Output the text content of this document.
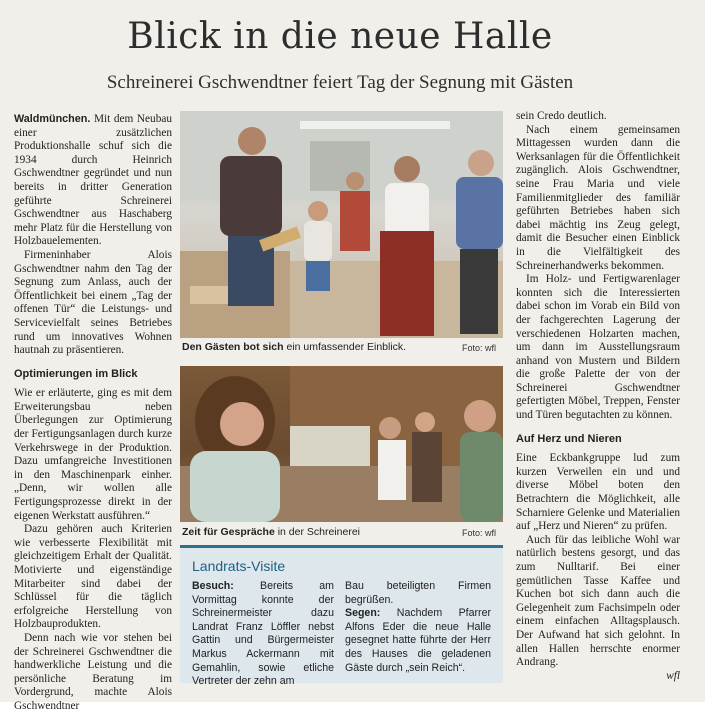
Blick in die neue Halle
Schreinerei Gschwendtner feiert Tag der Segnung mit Gästen

Waldmünchen. Mit dem Neubau einer zusätzlichen Produktionshalle schuf sich die 1934 durch Heinrich Gschwendtner gegründet und nun bereits in dritter Generation geführte Schreinerei Gschwendtner aus Haschaberg mehr Platz für die Herstellung von Holzbauelementen.

Firmeninhaber Alois Gschwendtner nahm den Tag der Segnung zum Anlass, auch der Öffentlichkeit bei einem „Tag der offenen Tür“ die Leistungs- und Servicevielfalt seines Betriebes rund um innovatives Wohnen hautnah zu präsentieren.

Optimierungen im Blick

Wie er erläuterte, ging es mit dem Erweiterungsbau neben Überlegungen zur Optimierung der Fertigungsanlagen durch kurze Verkehrswege in der Produktion. Dazu umfangreiche Investitionen in den Maschinenpark einher. „Denn, wir wollen alle Fertigungsprozesse direkt in der eigenen Werkstatt ausführen.“

Dazu gehören auch Kriterien wie verbesserte Flexibilität mit gleichzeitigem Erhalt der Qualität. Motivierte und eigenständige Mitarbeiter sind dabei der Schlüssel für die täglich erfolgreiche Herstellung von Holzbauprodukten.

Denn nach wie vor stehen bei der Schreinerei Gschwendtner die handwerkliche Leistung und die persönliche Beratung im Vordergrund, machte Alois Gschwendtner

Den Gästen bot sich ein umfassender Einblick.	Foto: wfl
Zeit für Gespräche in der Schreinerei	Foto: wfl
Landrats-Visite

Besuch: Bereits am Vormittag konnte der Schreinermeister dazu Landrat Franz Löffler nebst Gattin und Bürgermeister Markus Ackermann mit Gemahlin, sowie etliche Vertreter der zehn am

Bau beteiligten Firmen begrüßen.

Segen: Nachdem Pfarrer Alfons Eder die neue Halle gesegnet hatte führte der Herr des Hauses die geladenen Gäste durch „sein Reich“.

sein Credo deutlich.

Nach einem gemeinsamen Mittagessen wurden dann die Werksanlagen für die Öffentlichkeit zugänglich. Alois Gschwendtner, seine Frau Maria und viele Familienmitglieder des familiär geführten Betriebes haben sich dabei mächtig ins Zeug gelegt, damit die Besucher einen Einblick in die Vielfältigkeit des Schreinerhandwerks bekommen.

Im Holz- und Fertigwarenlager konnten sich die Interessierten dabei schon im Vorab ein Bild von der fachgerechten Lagerung der verschiedenen Holzarten machen, um dann im Ausstellungsraum anhand von Mustern und Bildern die große Palette der von der Schreinerei Gschwendtner gefertigten Möbel, Treppen, Fenster und Türen begutachten zu können.

Auf Herz und Nieren

Eine Eckbankgruppe lud zum kurzen Verweilen ein und und diverse Möbel boten den Betrachtern die Möglichkeit, alle Scharniere Gelenke und Materialien auf „Herz und Nieren“ zu prüfen.

Auch für das leibliche Wohl war natürlich bestens gesorgt, und das zum Nulltarif. Bei einer gemütlichen Tasse Kaffee und Kuchen bot sich dann auch die Gelegenheit zum Fachsimpeln oder einem einfachen Alltagsplausch. Der Aufwand hat sich gelohnt. In allen Hallen herrschte enormer Andrang.

wfl
